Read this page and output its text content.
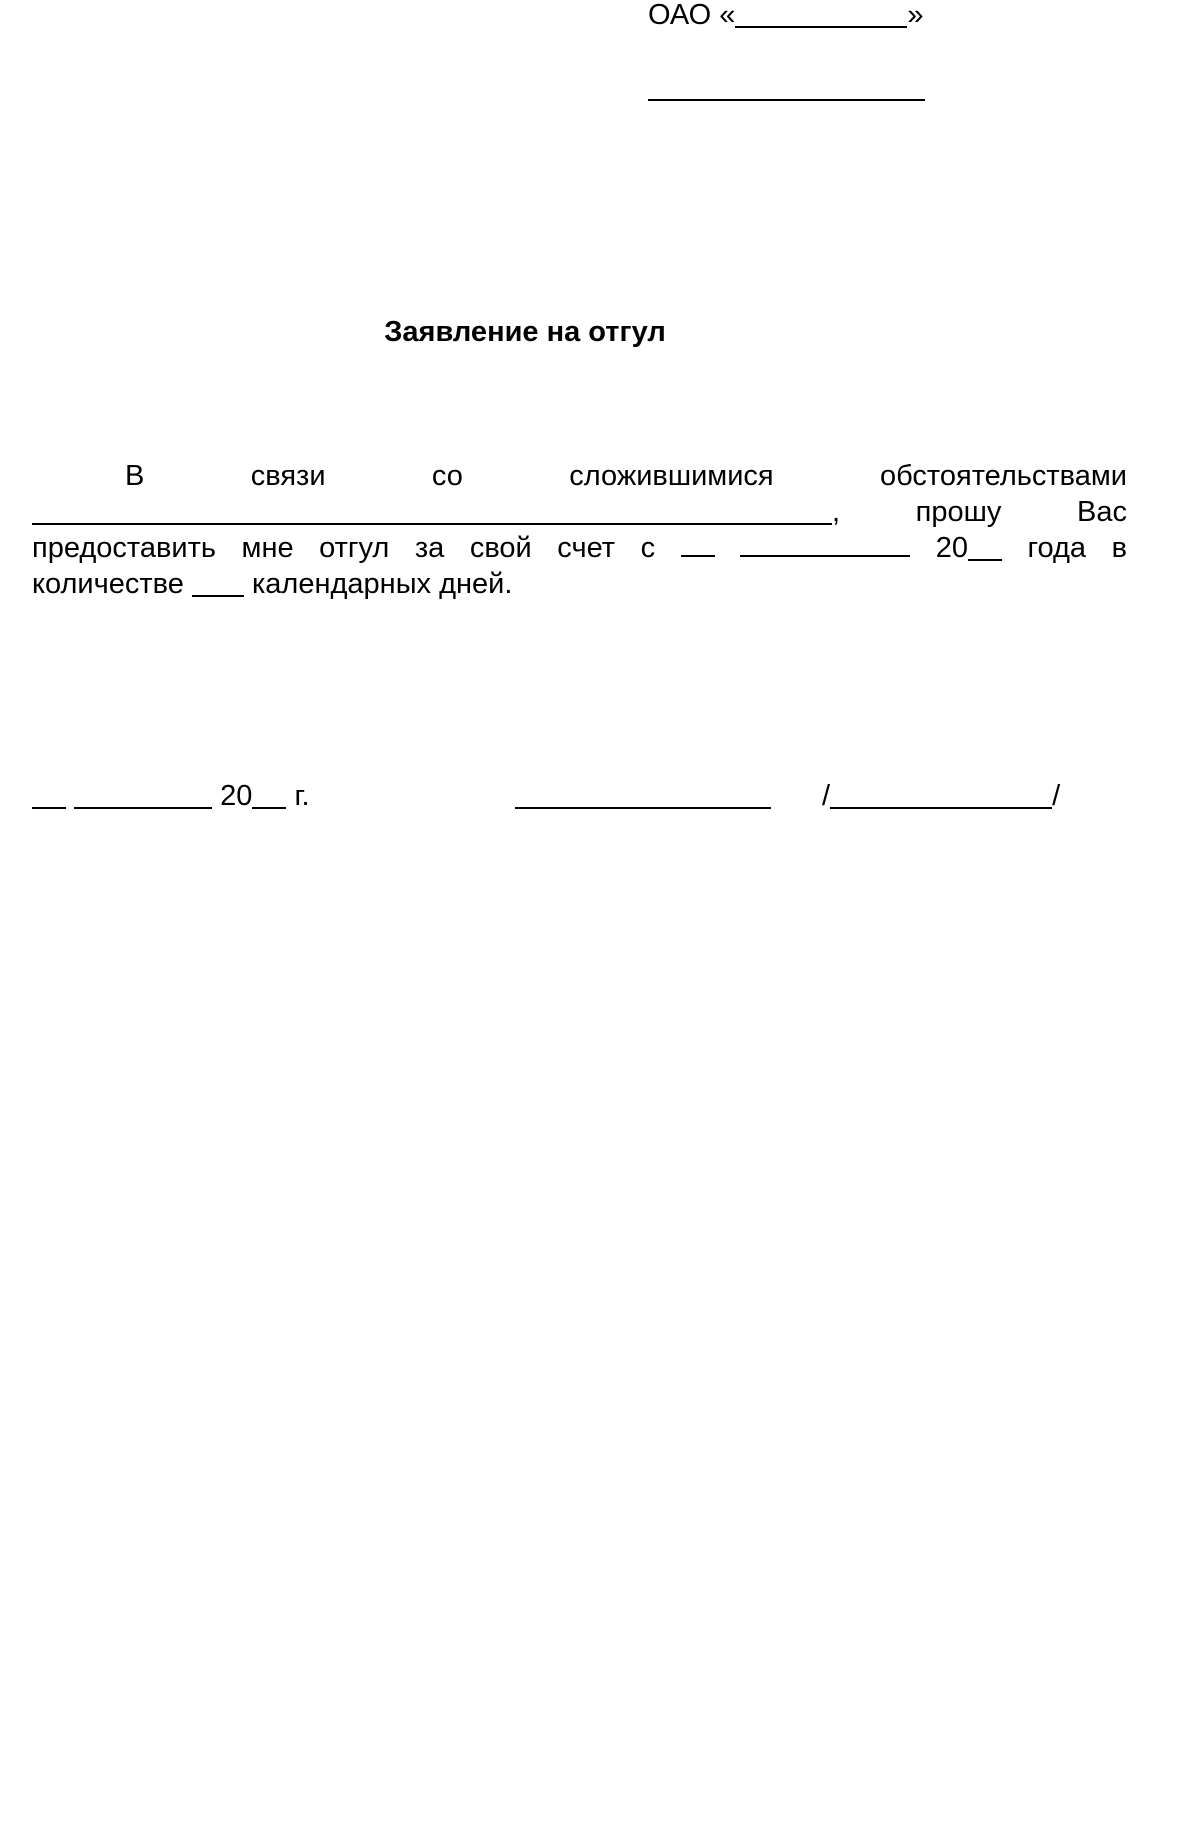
ОАО «	»
Заявление на отгул
В	связи	со	сложившимися	обстоятельствами
,	прошу	Вас
предоставить мне отгул за свой счет с	20	года в
количестве  календарных дней.
20 г.	/	/
